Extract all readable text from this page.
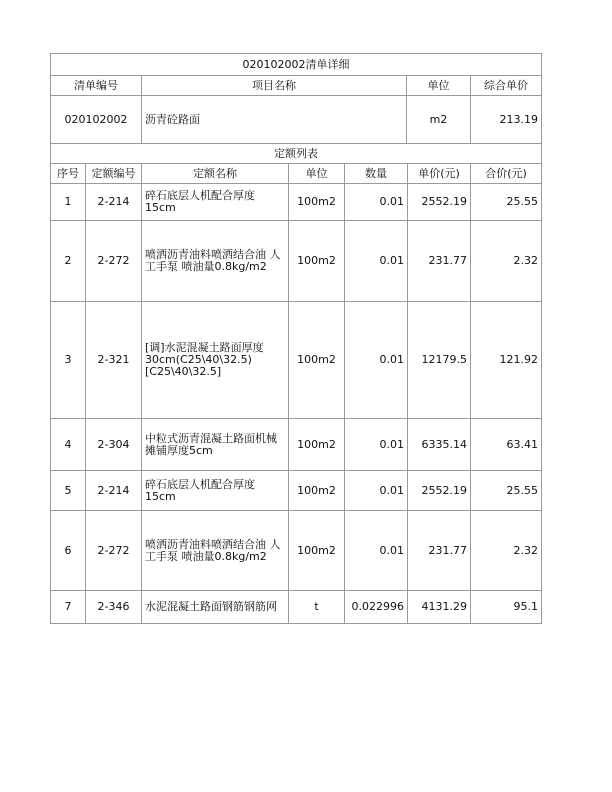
020102002清单详细						
清单编号		项目名称 单位				综合单价
020102002		沥青砼路面 m2				213.19
定额列表						
序号	定额编号	定额名称	单位	数量	单价(元)	合价(元)
1	2-214	碎石底层人机配合厚度15cm	100m2	0.01	2552.19	25.55
2	2-272	喷洒沥青油料喷洒结合油 人工手泵 喷油量0.8kg/m2	100m2	0.01	231.77	2.32
3	2-321	[调]水泥混凝土路面厚度30cm(C25\40\32.5)[C25\40\32.5]	100m2	0.01	12179.5	121.92
4	2-304	中粒式沥青混凝土路面机械摊铺厚度5cm	100m2	0.01	6335.14	63.41
5	2-214	碎石底层人机配合厚度15cm	100m2	0.01	2552.19	25.55
6	2-272	喷洒沥青油料喷洒结合油 人工手泵 喷油量0.8kg/m2	100m2	0.01	231.77	2.32
7	2-346	水泥混凝土路面钢筋钢筋网	t	0.022996	4131.29	95.1
